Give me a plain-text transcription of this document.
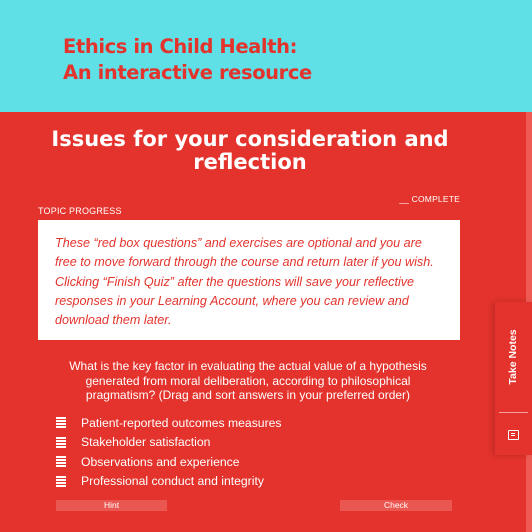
Ethics in Child Health:
An interactive resource
Issues for your consideration and reflection
__ COMPLETE
TOPIC PROGRESS

These “red box questions” and exercises are optional and you are free to move forward through the course and return later if you wish. Clicking “Finish Quiz” after the questions will save your reflective responses in your Learning Account, where you can review and download them later.

What is the key factor in evaluating the actual value of a hypothesis generated from moral deliberation, according to philosophical pragmatism? (Drag and sort answers in your preferred order)
Patient-reported outcomes measures
Stakeholder satisfaction
Observations and experience
Professional conduct and integrity
Hint	Check
Take Notes
